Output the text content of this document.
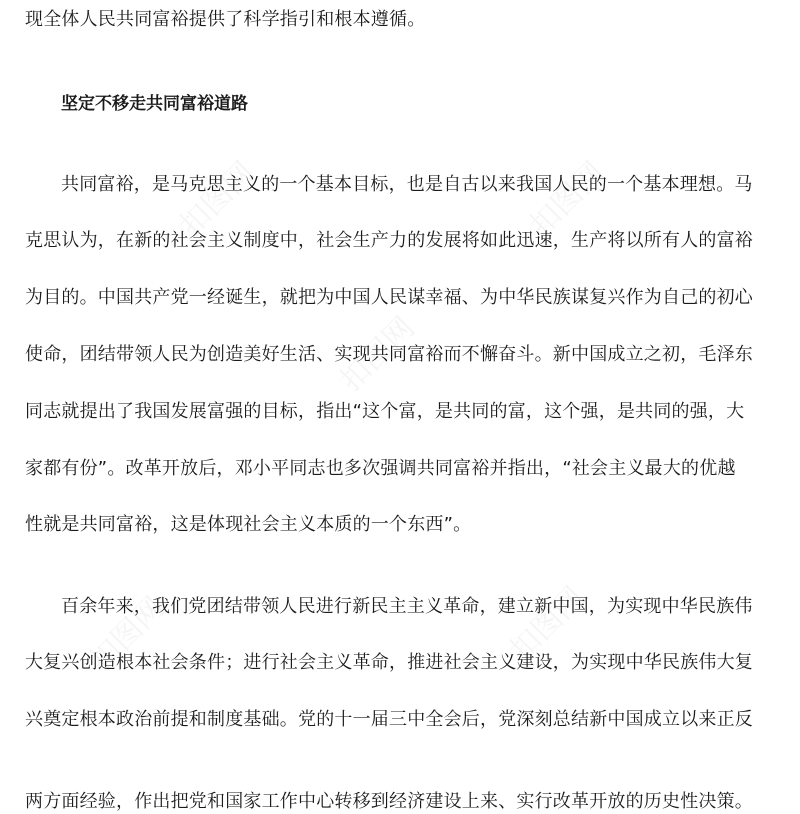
现全体人民共同富裕提供了科学指引和根本遵循。
坚定不移走共同富裕道路
共同富裕，是马克思主义的一个基本目标，也是自古以来我国人民的一个基本理想。马
克思认为，在新的社会主义制度中，社会生产力的发展将如此迅速，生产将以所有人的富裕
为目的。中国共产党一经诞生，就把为中国人民谋幸福、为中华民族谋复兴作为自己的初心
使命，团结带领人民为创造美好生活、实现共同富裕而不懈奋斗。新中国成立之初，毛泽东
同志就提出了我国发展富强的目标，指出“这个富，是共同的富，这个强，是共同的强，大
家都有份”。改革开放后，邓小平同志也多次强调共同富裕并指出，“社会主义最大的优越
性就是共同富裕，这是体现社会主义本质的一个东西”。
百余年来，我们党团结带领人民进行新民主主义革命，建立新中国，为实现中华民族伟
大复兴创造根本社会条件；进行社会主义革命，推进社会主义建设，为实现中华民族伟大复
兴奠定根本政治前提和制度基础。党的十一届三中全会后，党深刻总结新中国成立以来正反
两方面经验，作出把党和国家工作中心转移到经济建设上来、实行改革开放的历史性决策。
